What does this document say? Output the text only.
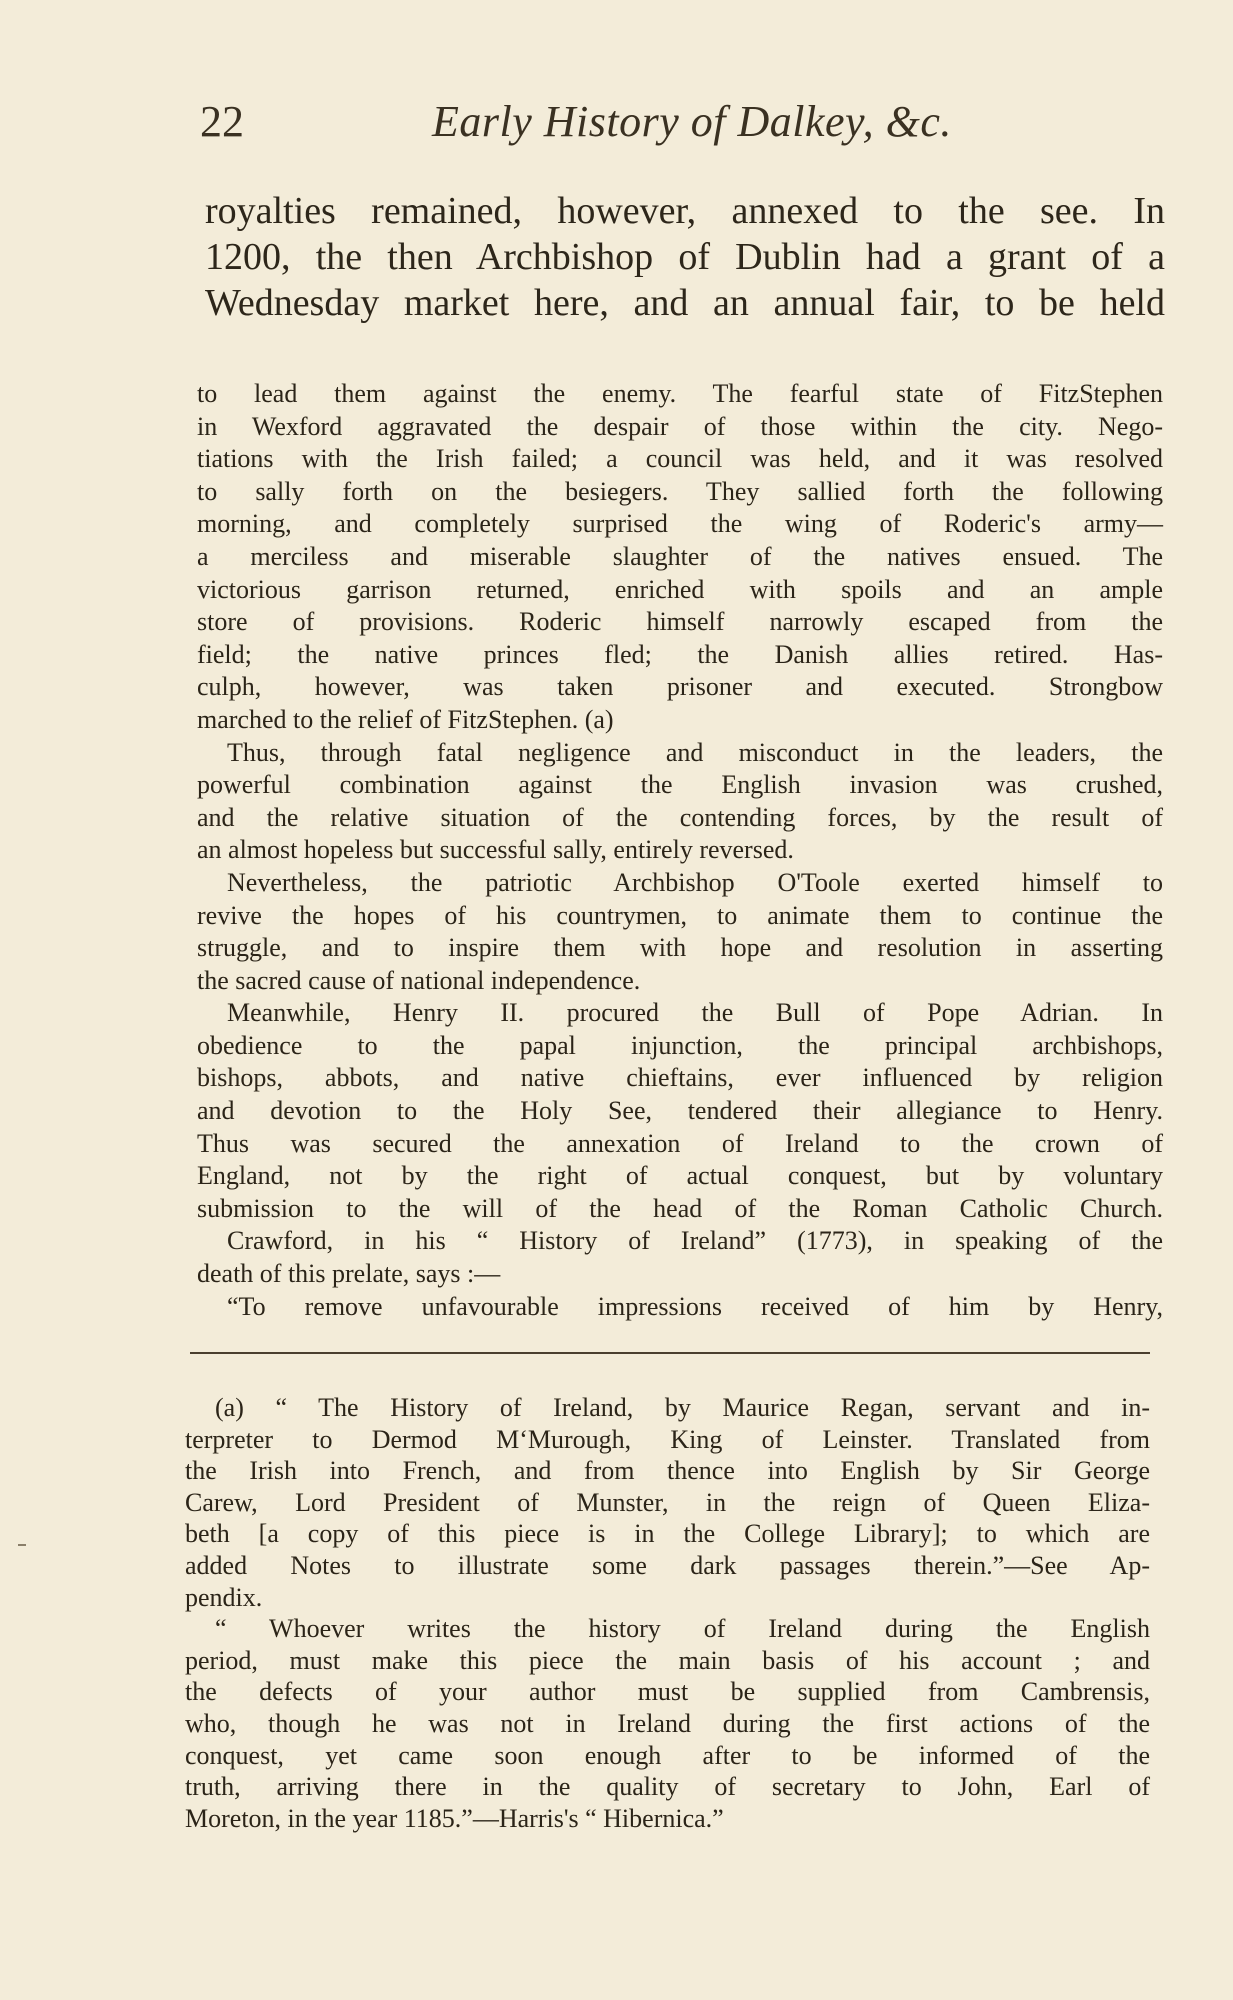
22	Early History of Dalkey, &c.
royalties remained, however, annexed to the see. In
1200, the then Archbishop of Dublin had a grant of a
Wednesday market here, and an annual fair, to be held
to lead them against the enemy. The fearful state of FitzStephen
in Wexford aggravated the despair of those within the city. Nego-
tiations with the Irish failed; a council was held, and it was resolved
to sally forth on the besiegers. They sallied forth the following
morning, and completely surprised the wing of Roderic's army—
a merciless and miserable slaughter of the natives ensued. The
victorious garrison returned, enriched with spoils and an ample
store of provisions. Roderic himself narrowly escaped from the
field; the native princes fled; the Danish allies retired. Has-
culph, however, was taken prisoner and executed. Strongbow
marched to the relief of FitzStephen. (a)
Thus, through fatal negligence and misconduct in the leaders, the
powerful combination against the English invasion was crushed,
and the relative situation of the contending forces, by the result of
an almost hopeless but successful sally, entirely reversed.
Nevertheless, the patriotic Archbishop O'Toole exerted himself to
revive the hopes of his countrymen, to animate them to continue the
struggle, and to inspire them with hope and resolution in asserting
the sacred cause of national independence.
Meanwhile, Henry II. procured the Bull of Pope Adrian. In
obedience to the papal injunction, the principal archbishops,
bishops, abbots, and native chieftains, ever influenced by religion
and devotion to the Holy See, tendered their allegiance to Henry.
Thus was secured the annexation of Ireland to the crown of
England, not by the right of actual conquest, but by voluntary
submission to the will of the head of the Roman Catholic Church.
Crawford, in his “ History of Ireland” (1773), in speaking of the
death of this prelate, says :—
“To remove unfavourable impressions received of him by Henry,
(a) “ The History of Ireland, by Maurice Regan, servant and in-
terpreter to Dermod M‘Murough, King of Leinster. Translated from
the Irish into French, and from thence into English by Sir George
Carew, Lord President of Munster, in the reign of Queen Eliza-
beth [a copy of this piece is in the College Library]; to which are
added Notes to illustrate some dark passages therein.”—See Ap-
pendix.
“ Whoever writes the history of Ireland during the English
period, must make this piece the main basis of his account ; and
the defects of your author must be supplied from Cambrensis,
who, though he was not in Ireland during the first actions of the
conquest, yet came soon enough after to be informed of the
truth, arriving there in the quality of secretary to John, Earl of
Moreton, in the year 1185.”—Harris's “ Hibernica.”
